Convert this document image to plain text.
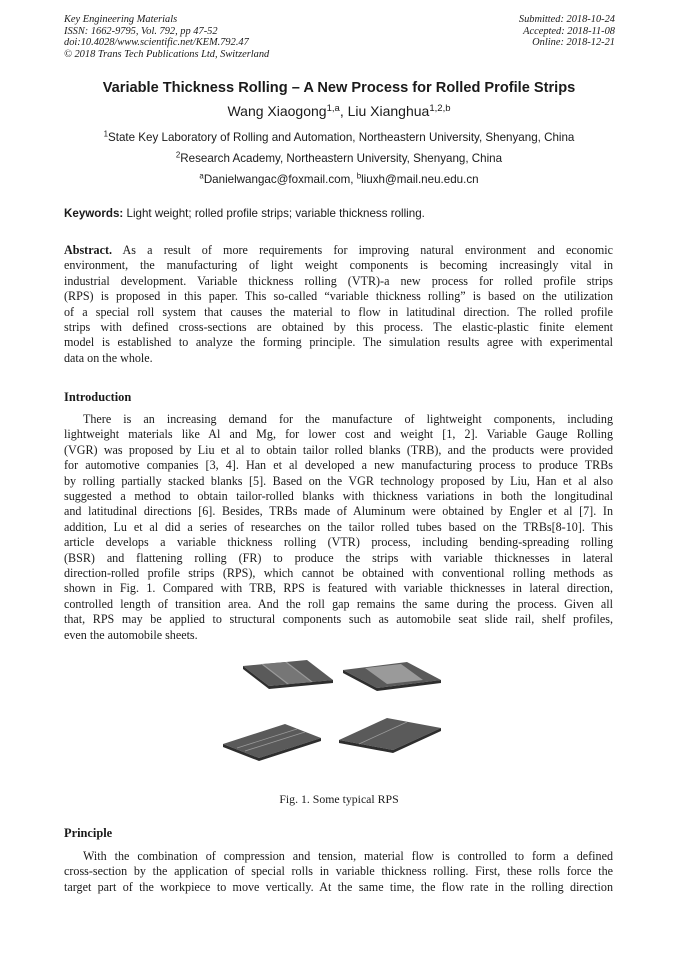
Key Engineering Materials
ISSN: 1662-9795, Vol. 792, pp 47-52
doi:10.4028/www.scientific.net/KEM.792.47
© 2018 Trans Tech Publications Ltd, Switzerland
Submitted: 2018-10-24
Accepted: 2018-11-08
Online: 2018-12-21
Variable Thickness Rolling – A New Process for Rolled Profile Strips
Wang Xiaogong$^{1,a}$, Liu Xianghua$^{1,2,b}$
$^1$State Key Laboratory of Rolling and Automation, Northeastern University, Shenyang, China
$^2$Research Academy, Northeastern University, Shenyang, China
$^a$Danielwangac@foxmail.com, $^b$liuxh@mail.neu.edu.cn
Keywords: Light weight; rolled profile strips; variable thickness rolling.
Abstract. As a result of more requirements for improving natural environment and economic
environment, the manufacturing of light weight components is becoming increasingly vital in
industrial development. Variable thickness rolling (VTR)-a new process for rolled profile strips
(RPS) is proposed in this paper. This so-called “variable thickness rolling” is based on the utilization
of a special roll system that causes the material to flow in latitudinal direction. The rolled profile
strips with defined cross-sections are obtained by this process. The elastic-plastic finite element
model is established to analyze the forming principle. The simulation results agree with experimental
data on the whole.
Introduction
There is an increasing demand for the manufacture of lightweight components, including
lightweight materials like Al and Mg, for lower cost and weight [1, 2]. Variable Gauge Rolling
(VGR) was proposed by Liu et al to obtain tailor rolled blanks (TRB), and the products were provided
for automotive companies [3, 4]. Han et al developed a new manufacturing process to produce TRBs
by rolling partially stacked blanks [5]. Based on the VGR technology proposed by Liu, Han et al also
suggested a method to obtain tailor-rolled blanks with thickness variations in both the longitudinal
and latitudinal directions [6]. Besides, TRBs made of Aluminum were obtained by Engler et al [7]. In
addition, Lu et al did a series of researches on the tailor rolled tubes based on the TRBs[8-10]. This
article develops a variable thickness rolling (VTR) process, including bending-spreading rolling
(BSR) and flattening rolling (FR) to produce the strips with variable thicknesses in lateral
direction-rolled profile strips (RPS), which cannot be obtained with conventional rolling methods as
shown in Fig. 1. Compared with TRB, RPS is featured with variable thicknesses in lateral direction,
controlled length of transition area. And the roll gap remains the same during the process. Given all
that, RPS may be applied to structural components such as automobile seat slide rail, shelf profiles,
even the automobile sheets.
Fig. 1. Some typical RPS
Principle
With the combination of compression and tension, material flow is controlled to form a defined
cross-section by the application of special rolls in variable thickness rolling. First, these rolls force the
target part of the workpiece to move vertically. At the same time, the flow rate in the rolling direction
